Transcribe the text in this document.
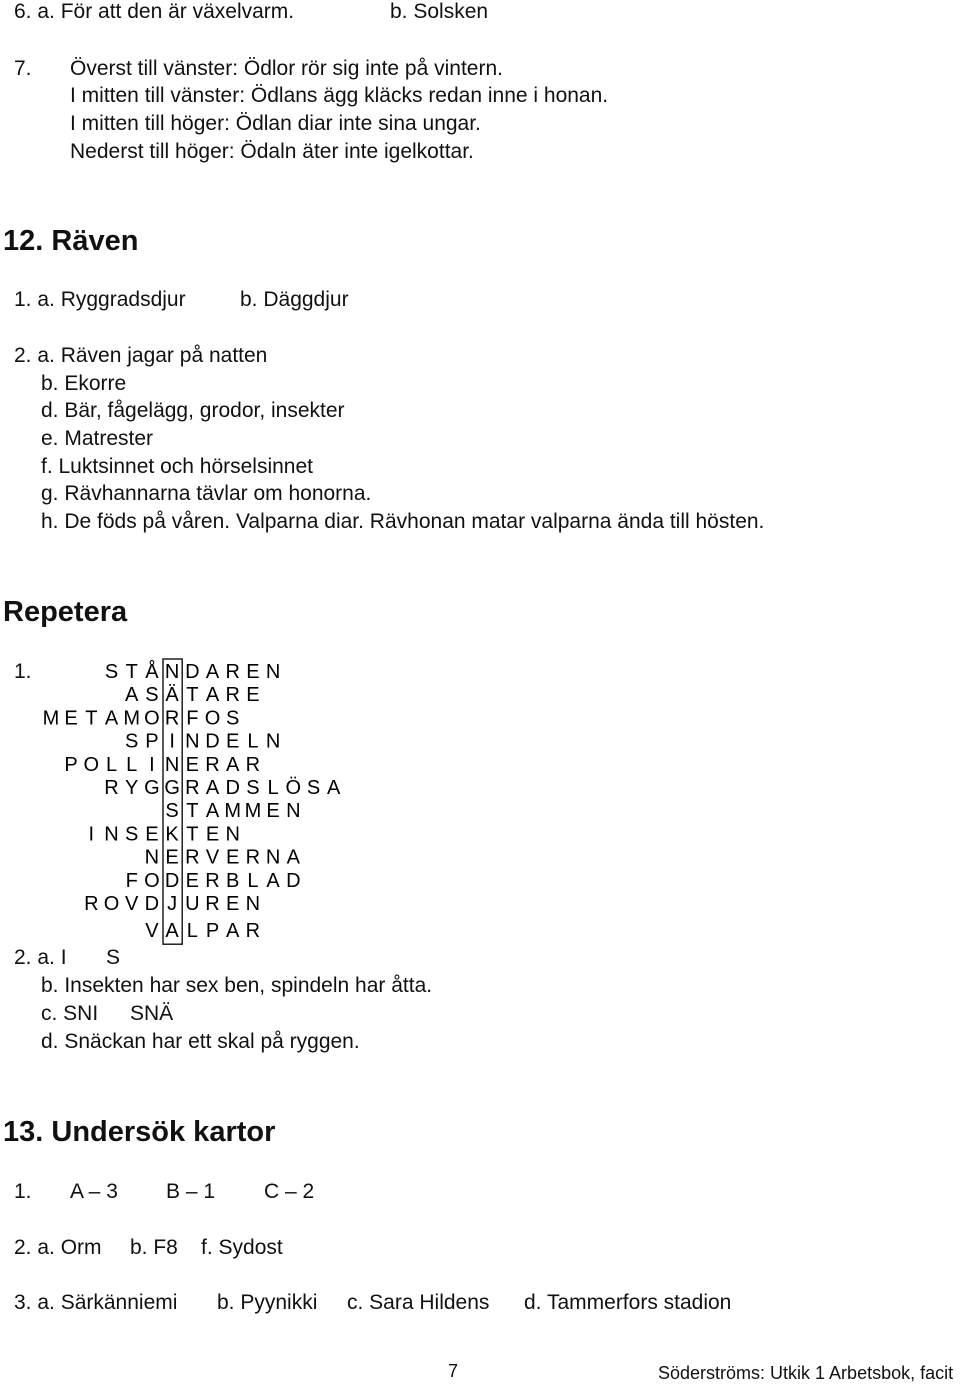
6. a. För att den är växelvarm.	b. Solsken
7. Överst till vänster: Ödlor rör sig inte på vintern.
I mitten till vänster: Ödlans ägg kläcks redan inne i honan.
I mitten till höger: Ödlan diar inte sina ungar.
Nederst till höger: Ödaln äter inte igelkottar.
12. Räven
1. a. Ryggradsdjur	b. Däggdjur
2. a. Räven jagar på natten
b. Ekorre
d. Bär, fågelägg, grodor, insekter
e. Matrester
f. Luktsinnet och hörselsinnet
g. Rävhannarna tävlar om honorna.
h. De föds på våren. Valparna diar. Rävhonan matar valparna ända till hösten.
Repetera
1.	S T Å N D A R E N
A S Ä T A R E
M E T A M O R F O S
S P I N D E L N
P O L L I N E R A R
R Y G G R A D S L Ö S A
S T A M M E N
I N S E K T E N
N E R V E R N A
F O D E R B L A D
R O V D J U R E N
V A L P A R
2. a. I S
b. Insekten har sex ben, spindeln har åtta.
c. SNI SNÄ
d. Snäckan har ett skal på ryggen.
13. Undersök kartor
1. A – 3 B – 1 C – 2
2. a. Orm b. F8 f. Sydost
3. a. Särkänniemi b. Pyynikki c. Sara Hildens d. Tammerfors stadion
7	Söderströms: Utkik 1 Arbetsbok, facit
